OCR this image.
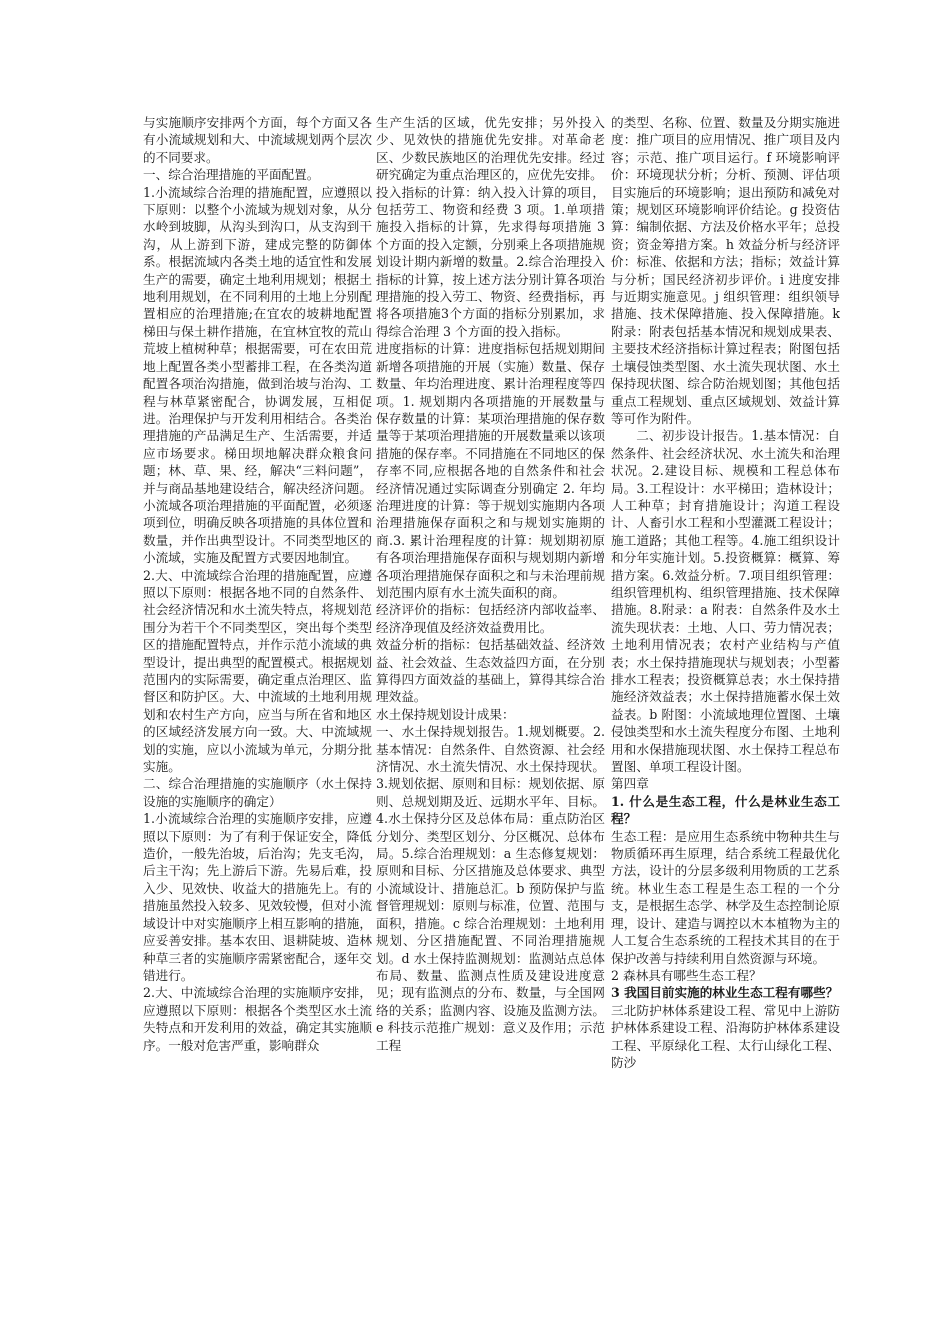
与实施顺序安排两个方面，每个方面又各有小流域规划和大、中流域规划两个层次的不同要求。

一、综合治理措施的平面配置。

1.小流域综合治理的措施配置，应遵照以下原则：以整个小流域为规划对象，从分水岭到坡脚，从沟头到沟口，从支沟到干沟，从上游到下游，建成完整的防御体系。根据流域内各类土地的适宜性和发展生产的需要，确定土地利用规划；根据土地利用规划，在不同利用的土地上分别配置相应的治理措施;在宜农的坡耕地配置梯田与保土耕作措施，在宜林宜牧的荒山荒坡上植树种草；根据需要，可在农田荒地上配置各类小型蓄排工程，在各类沟道配置各项治沟措施，做到治坡与治沟、工程与林草紧密配合，协调发展，互相促进。治理保护与开发利用相结合。各类治理措施的产品满足生产、生活需要，并适应市场要求。梯田坝地解决群众粮食问题；林、草、果、经，解决“三料问题”，并与商品基地建设结合，解决经济问题。小流域各项治理措施的平面配置，必须逐项到位，明确反映各项措施的具体位置和数量，并作出典型设计。不同类型地区的小流域，实施及配置方式要因地制宜。

2.大、中流域综合治理的措施配置，应遵照以下原则：根据各地不同的自然条件、社会经济情况和水土流失特点，将规划范围分为若干个不同类型区，突出每个类型区的措施配置特点，并作示范小流域的典型设计，提出典型的配置模式。根据规划范围内的实际需要，确定重点治理区、监督区和防护区。大、中流域的土地利用规划和农村生产方向，应当与所在省和地区的区域经济发展方向一致。大、中流域规划的实施，应以小流域为单元，分期分批实施。

二、综合治理措施的实施顺序（水土保持设施的实施顺序的确定）

1.小流域综合治理的实施顺序安排，应遵照以下原则：为了有利于保证安全，降低造价，一般先治坡，后治沟；先支毛沟，后主干沟；先上游后下游。先易后难，投入少、见效快、收益大的措施先上。有的措施虽然投入较多、见效较慢，但对小流域设计中对实施顺序上相互影响的措施，应妥善安排。基本农田、退耕陡坡、造林种草三者的实施顺序需紧密配合，逐年交错进行。

2.大、中流域综合治理的实施顺序安排，应遵照以下原则：根据各个类型区水土流失特点和开发利用的效益，确定其实施顺序。一般对危害严重，影响群众

生产生活的区域，优先安排；另外投入少、见效快的措施优先安排。对革命老区、少数民族地区的治理优先安排。经过研究确定为重点治理区的，应优先安排。

投入指标的计算：纳入投入计算的项目，包括劳工、物资和经费 3 项。1.单项措施投入指标的计算，先求得每项措施 3 个方面的投入定额，分别乘上各项措施规划设计期内新增的数量。2.综合治理投入指标的计算，按上述方法分别计算各项治理措施的投入劳工、物资、经费指标，再将各项措施3个方面的指标分别累加，求得综合治理 3 个方面的投入指标。

进度指标的计算：进度指标包括规划期间新增各项措施的开展（实施）数量、保存数量、年均治理进度、累计治理程度等四项。1. 规划期内各项措施的开展数量与保存数量的计算：某项治理措施的保存数量等于某项治理措施的开展数量乘以该项措施的保存率。不同措施在不同地区的保存率不同,应根据各地的自然条件和社会经济情况通过实际调查分别确定 2. 年均治理进度的计算：等于规划实施期内各项治理措施保存面积之和与规划实施期的商.3. 累计治理程度的计算：规划期初原有各项治理措施保存面积与规划期内新增各项治理措施保存面积之和与未治理前规划范围内原有水土流失面积的商。

经济评价的指标：包括经济内部收益率、经济净现值及经济效益费用比。

效益分析的指标：包括基础效益、经济效益、社会效益、生态效益四方面，在分别算得四方面效益的基础上，算得其综合治理效益。

水土保持规划设计成果：

一、水土保持规划报告。1.规划概要。2.基本情况：自然条件、自然资源、社会经济情况、水土流失情况、水土保持现状。3.规划依据、原则和目标：规划依据、原则、总规划期及近、远期水平年、目标。4.水土保持分区及总体布局：重点防治区分划分、类型区划分、分区概况、总体布局。5.综合治理规划：a 生态修复规划：原则和目标、分区措施及总体要求、典型小流域设计、措施总汇。b 预防保护与监督管理规划：原则与标准，位置、范围与面积，措施。c 综合治理规划：土地利用规划、分区措施配置、不同治理措施规划。d 水土保持监测规划：监测站点总体布局、数量、监测点性质及建设进度意见；现有监测点的分布、数量，与全国网络的关系；监测内容、设施及监测方法。e 科技示范推广规划：意义及作用；示范工程

的类型、名称、位置、数量及分期实施进度：推广项目的应用情况、推广项目及内容；示范、推广项目运行。f 环境影响评价：环境现状分析；分析、预测、评估项目实施后的环境影响；退出预防和减免对策；规划区环境影响评价结论。g 投资估算：编制依据、方法及价格水平年；总投资；资金筹措方案。h 效益分析与经济评价：标准、依据和方法；指标；效益计算与分析；国民经济初步评价。i 进度安排与近期实施意见。j 组织管理：组织领导措施、技术保障措施、投入保障措施。k 附录：附表包括基本情况和规划成果表、主要技术经济指标计算过程表；附图包括土壤侵蚀类型图、水土流失现状图、水土保持现状图、综合防治规划图；其他包括重点工程规划、重点区域规划、效益计算等可作为附件。

二、初步设计报告。1.基本情况：自然条件、社会经济状况、水土流失和治理状况。2.建设目标、规模和工程总体布局。3.工程设计：水平梯田；造林设计；人工种草；封育措施设计；沟道工程设计、人畜引水工程和小型灌溉工程设计；施工道路；其他工程等。4.施工组织设计和分年实施计划。5.投资概算：概算、筹措方案。6.效益分析。7.项目组织管理：组织管理机构、组织管理措施、技术保障措施。8.附录：a 附表：自然条件及水土流失现状表：土地、人口、劳力情况表；土地利用情况表；农村产业结构与产值表；水土保持措施现状与规划表；小型蓄排水工程表；投资概算总表；水土保持措施经济效益表；水土保持措施蓄水保土效益表。b 附图：小流域地理位置图、土壤侵蚀类型和水土流失程度分布图、土地利用和水保措施现状图、水土保持工程总布置图、单项工程设计图。

第四章

1. 什么是生态工程，什么是林业生态工程？

生态工程：是应用生态系统中物种共生与物质循环再生原理，结合系统工程最优化方法，设计的分层多级利用物质的工艺系统。林业生态工程是生态工程的一个分支，是根据生态学、林学及生态控制论原理，设计、建造与调控以木本植物为主的人工复合生态系统的工程技术其目的在于保护改善与持续利用自然资源与环境。

2 森林具有哪些生态工程？

3 我国目前实施的林业生态工程有哪些？

三北防护林体系建设工程、常见中上游防护林体系建设工程、沿海防护林体系建设工程、平原绿化工程、太行山绿化工程、防沙
